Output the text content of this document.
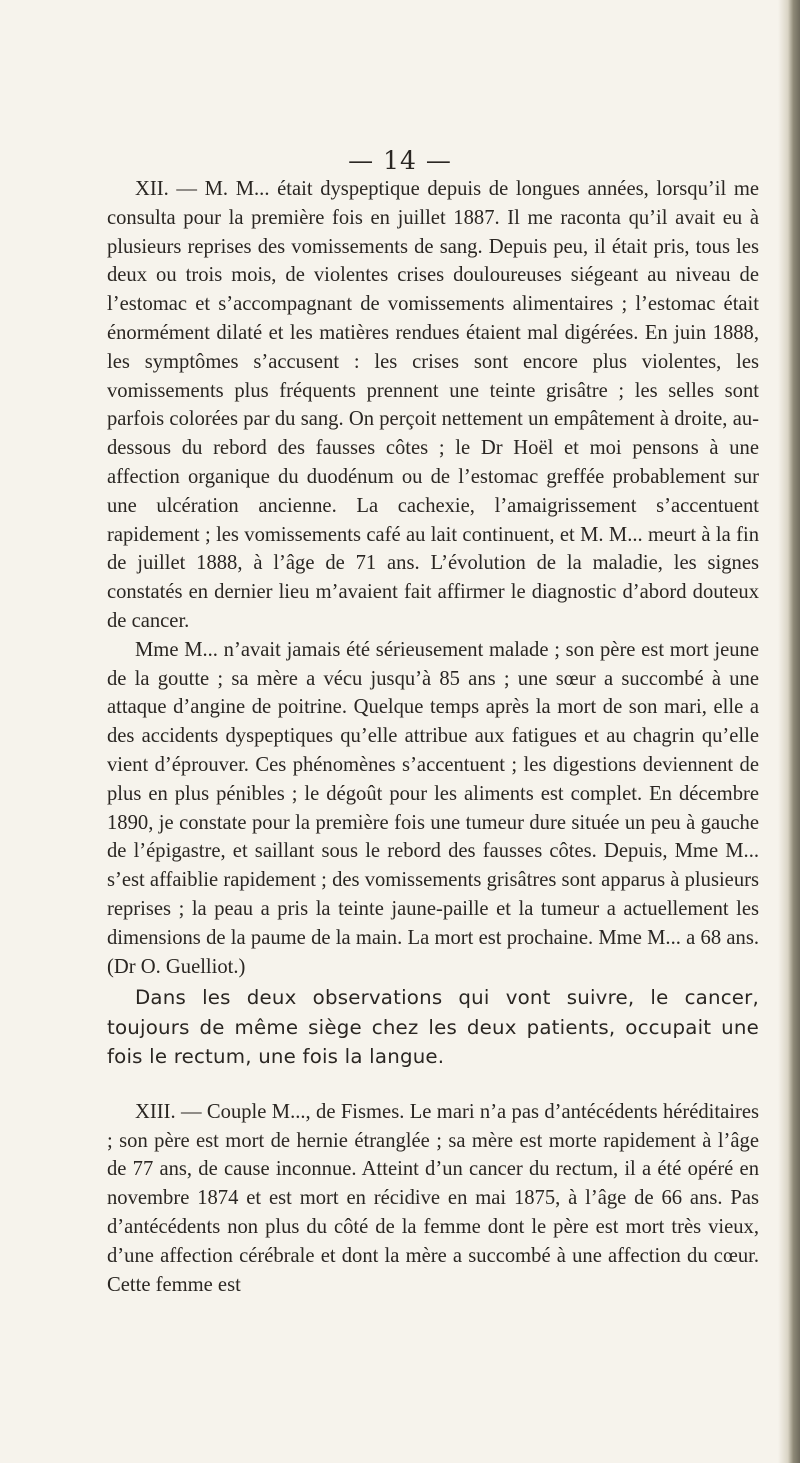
— 14 —

XII. — M. M... était dyspeptique depuis de longues années, lorsqu’il me consulta pour la première fois en juillet 1887. Il me raconta qu’il avait eu à plusieurs reprises des vomissements de sang. Depuis peu, il était pris, tous les deux ou trois mois, de violentes crises douloureuses siégeant au niveau de l’estomac et s’accompagnant de vomissements alimentaires ; l’estomac était énormément dilaté et les matières rendues étaient mal digérées. En juin 1888, les symptômes s’accusent : les crises sont encore plus violentes, les vomissements plus fréquents prennent une teinte grisâtre ; les selles sont parfois colorées par du sang. On perçoit nettement un empâtement à droite, au-dessous du rebord des fausses côtes ; le Dr Hoël et moi pensons à une affection organique du duodénum ou de l’estomac greffée probablement sur une ulcération ancienne. La cachexie, l’amaigrissement s’accentuent rapidement ; les vomissements café au lait continuent, et M. M... meurt à la fin de juillet 1888, à l’âge de 71 ans. L’évolution de la maladie, les signes constatés en dernier lieu m’avaient fait affirmer le diagnostic d’abord douteux de cancer.

Mme M... n’avait jamais été sérieusement malade ; son père est mort jeune de la goutte ; sa mère a vécu jusqu’à 85 ans ; une sœur a succombé à une attaque d’angine de poitrine. Quelque temps après la mort de son mari, elle a des accidents dyspeptiques qu’elle attribue aux fatigues et au chagrin qu’elle vient d’éprouver. Ces phénomènes s’accentuent ; les digestions deviennent de plus en plus pénibles ; le dégoût pour les aliments est complet. En décembre 1890, je constate pour la première fois une tumeur dure située un peu à gauche de l’épigastre, et saillant sous le rebord des fausses côtes. Depuis, Mme M... s’est affaiblie rapidement ; des vomissements grisâtres sont apparus à plusieurs reprises ; la peau a pris la teinte jaune-paille et la tumeur a actuellement les dimensions de la paume de la main. La mort est prochaine. Mme M... a 68 ans. (Dr O. Guelliot.)

Dans les deux observations qui vont suivre, le cancer, toujours de même siège chez les deux patients, occupait une fois le rectum, une fois la langue.

XIII. — Couple M..., de Fismes. Le mari n’a pas d’antécédents héréditaires ; son père est mort de hernie étranglée ; sa mère est morte rapidement à l’âge de 77 ans, de cause inconnue. Atteint d’un cancer du rectum, il a été opéré en novembre 1874 et est mort en récidive en mai 1875, à l’âge de 66 ans. Pas d’antécédents non plus du côté de la femme dont le père est mort très vieux, d’une affection cérébrale et dont la mère a succombé à une affection du cœur. Cette femme est
